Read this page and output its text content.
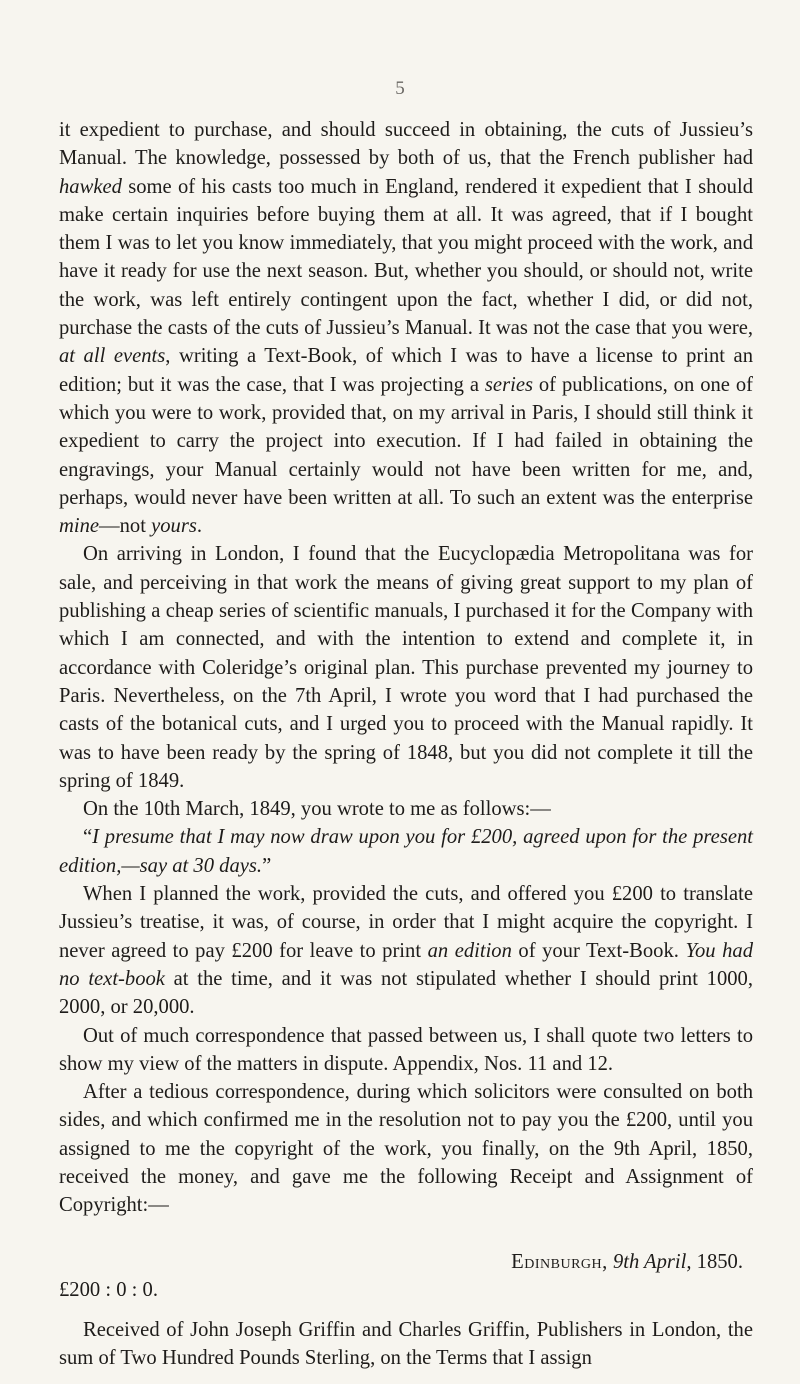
5

it expedient to purchase, and should succeed in obtaining, the cuts of Jussieu’s Manual. The knowledge, possessed by both of us, that the French publisher had hawked some of his casts too much in England, rendered it expedient that I should make certain inquiries before buying them at all. It was agreed, that if I bought them I was to let you know immediately, that you might proceed with the work, and have it ready for use the next season. But, whether you should, or should not, write the work, was left entirely contingent upon the fact, whether I did, or did not, purchase the casts of the cuts of Jussieu’s Manual. It was not the case that you were, at all events, writing a Text-Book, of which I was to have a license to print an edition; but it was the case, that I was projecting a series of publications, on one of which you were to work, provided that, on my arrival in Paris, I should still think it expedient to carry the project into execution. If I had failed in obtaining the engravings, your Manual certainly would not have been written for me, and, perhaps, would never have been written at all. To such an extent was the enterprise mine—not yours.

On arriving in London, I found that the Eucyclopædia Metropolitana was for sale, and perceiving in that work the means of giving great support to my plan of publishing a cheap series of scientific manuals, I purchased it for the Company with which I am connected, and with the intention to extend and complete it, in accordance with Coleridge’s original plan. This purchase prevented my journey to Paris. Nevertheless, on the 7th April, I wrote you word that I had purchased the casts of the botanical cuts, and I urged you to proceed with the Manual rapidly. It was to have been ready by the spring of 1848, but you did not complete it till the spring of 1849.

On the 10th March, 1849, you wrote to me as follows:—

“I presume that I may now draw upon you for £200, agreed upon for the present edition,—say at 30 days.”

When I planned the work, provided the cuts, and offered you £200 to translate Jussieu’s treatise, it was, of course, in order that I might acquire the copyright. I never agreed to pay £200 for leave to print an edition of your Text-Book. You had no text-book at the time, and it was not stipulated whether I should print 1000, 2000, or 20,000.

Out of much correspondence that passed between us, I shall quote two letters to show my view of the matters in dispute. Appendix, Nos. 11 and 12.

After a tedious correspondence, during which solicitors were consulted on both sides, and which confirmed me in the resolution not to pay you the £200, until you assigned to me the copyright of the work, you finally, on the 9th April, 1850, received the money, and gave me the following Receipt and Assignment of Copyright:—

Edinburgh, 9th April, 1850.

£200 : 0 : 0.

Received of John Joseph Griffin and Charles Griffin, Publishers in London, the sum of Two Hundred Pounds Sterling, on the Terms that I assign
